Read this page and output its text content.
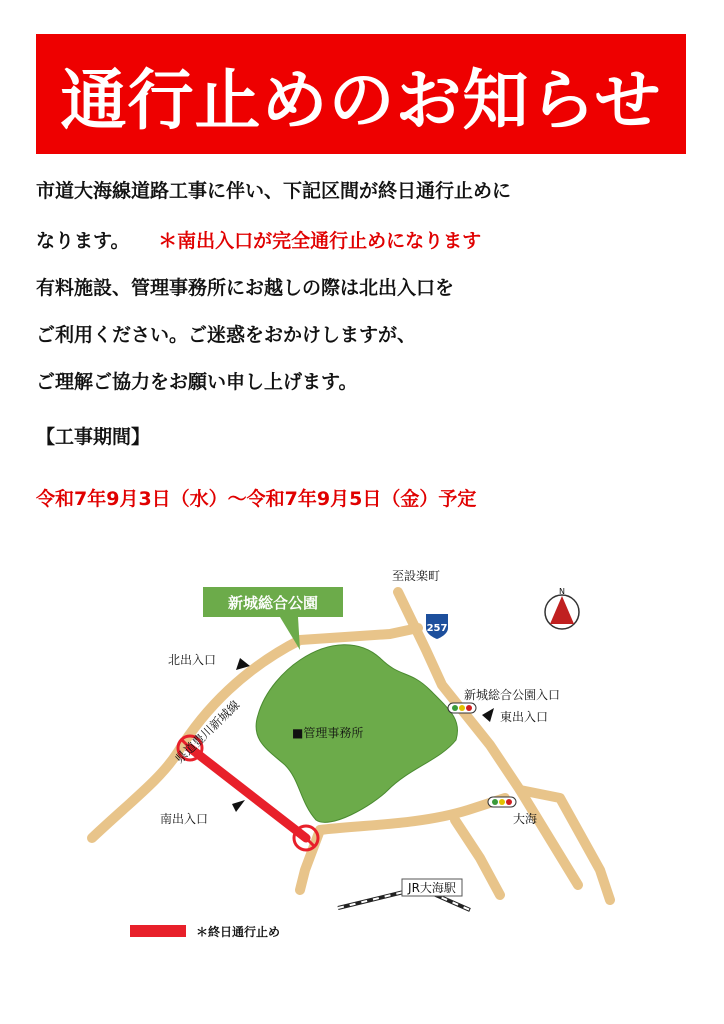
通行止めのお知らせ
市道大海線道路工事に伴い、下記区間が終日通行止めに
なります。 ＊南出入口が完全通行止めになります
有料施設、管理事務所にお越しの際は北出入口を
ご利用ください。ご迷惑をおかけしますが、
ご理解ご協力をお願い申し上げます。
【工事期間】
令和7年9月3日（水）～令和7年9月5日（金）予定
新城総合公園
至設楽町
257
N
北出入口
県道豊川新城線	■管理事務所
新城総合公園入口
東出入口
大海
南出入口
JR大海駅
＊終日通行止め
